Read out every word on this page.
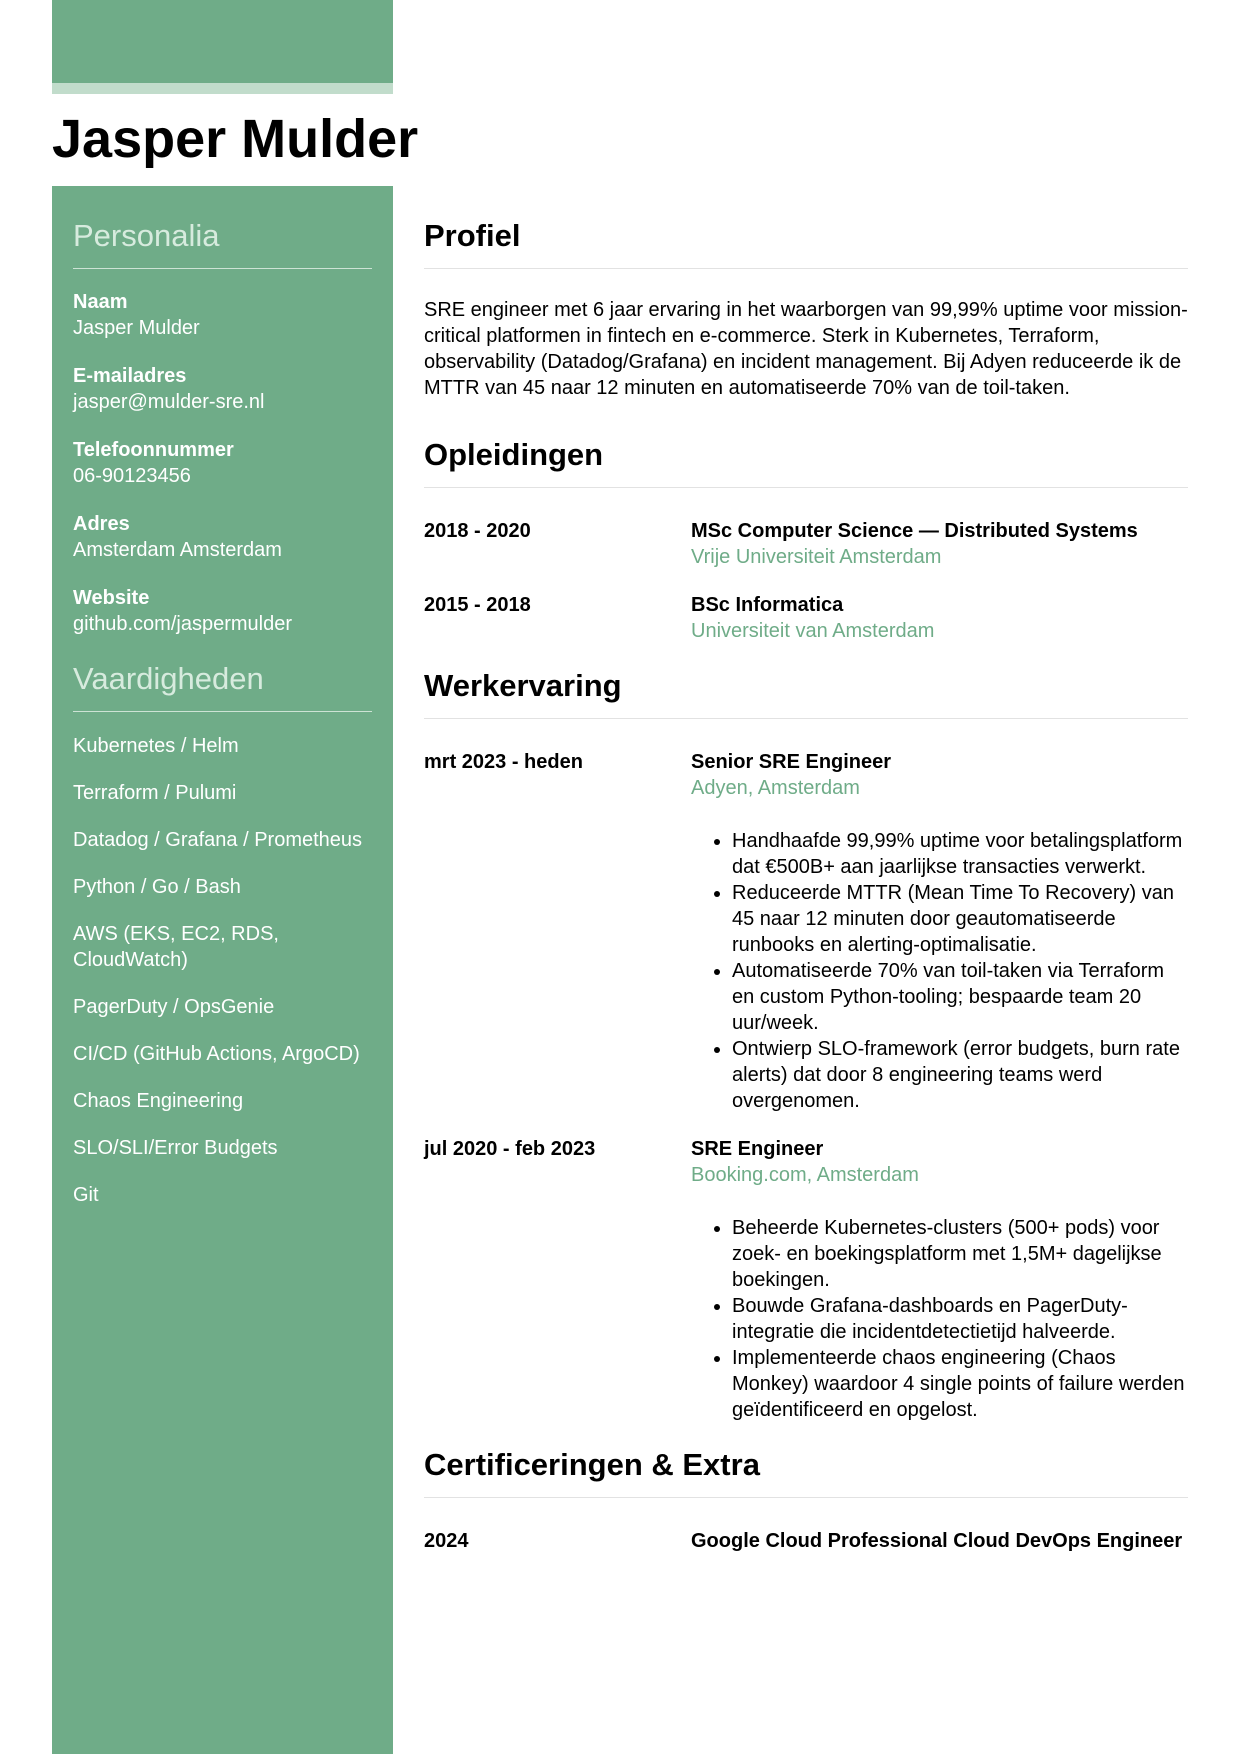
Jasper Mulder
Personalia
Naam
Jasper Mulder
E-mailadres
jasper@mulder-sre.nl
Telefoonnummer
06-90123456
Adres
Amsterdam Amsterdam
Website
github.com/jaspermulder
Vaardigheden
Kubernetes / Helm
Terraform / Pulumi
Datadog / Grafana / Prometheus
Python / Go / Bash
AWS (EKS, EC2, RDS, CloudWatch)
PagerDuty / OpsGenie
CI/CD (GitHub Actions, ArgoCD)
Chaos Engineering
SLO/SLI/Error Budgets
Git
Profiel

SRE engineer met 6 jaar ervaring in het waarborgen van 99,99% uptime voor mission-critical platformen in fintech en e-commerce. Sterk in Kubernetes, Terraform, observability (Datadog/Grafana) en incident management. Bij Adyen reduceerde ik de MTTR van 45 naar 12 minuten en automatiseerde 70% van de toil-taken.

Opleidingen
2018 - 2020	MSc Computer Science — Distributed Systems
Vrije Universiteit Amsterdam
2015 - 2018	BSc Informatica
Universiteit van Amsterdam
Werkervaring
mrt 2023 - heden	Senior SRE Engineer
Adyen, Amsterdam
• Handhaafde 99,99% uptime voor betalingsplatform dat €500B+ aan jaarlijkse transacties verwerkt.
• Reduceerde MTTR (Mean Time To Recovery) van 45 naar 12 minuten door geautomatiseerde runbooks en alerting-optimalisatie.
• Automatiseerde 70% van toil-taken via Terraform en custom Python-tooling; bespaarde team 20 uur/week.
• Ontwierp SLO-framework (error budgets, burn rate alerts) dat door 8 engineering teams werd overgenomen.
jul 2020 - feb 2023	SRE Engineer
Booking.com, Amsterdam
• Beheerde Kubernetes-clusters (500+ pods) voor zoek- en boekingsplatform met 1,5M+ dagelijkse boekingen.
• Bouwde Grafana-dashboards en PagerDuty-integratie die incidentdetectietijd halveerde.
• Implementeerde chaos engineering (Chaos Monkey) waardoor 4 single points of failure werden geïdentificeerd en opgelost.
Certificeringen & Extra
2024	Google Cloud Professional Cloud DevOps Engineer
